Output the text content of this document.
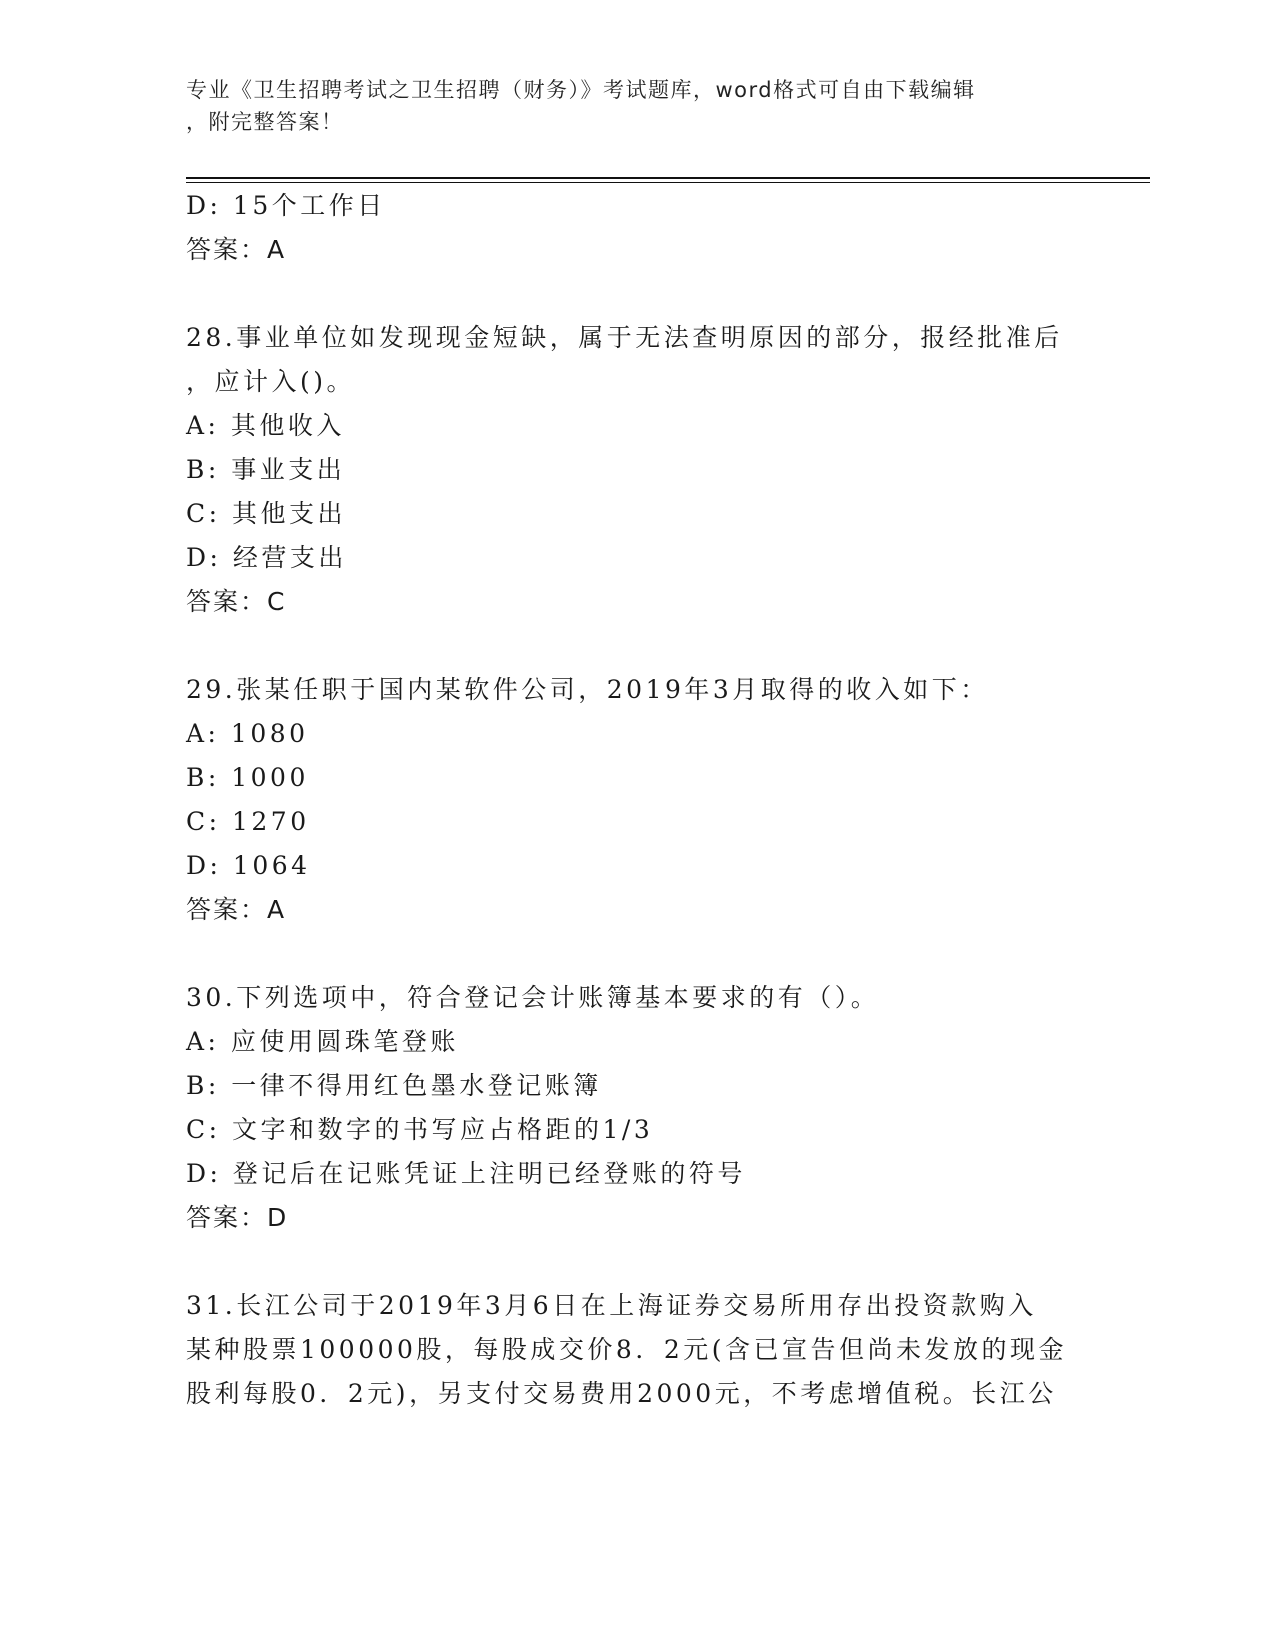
专业《卫生招聘考试之卫生招聘（财务）》考试题库，word格式可自由下载编辑
，附完整答案！
D: 15个工作日
答案：A
28.事业单位如发现现金短缺，属于无法查明原因的部分，报经批准后
，应计入()。
A: 其他收入
B: 事业支出
C: 其他支出
D: 经营支出
答案：C
29.张某任职于国内某软件公司，2019年3月取得的收入如下：
A: 1080
B: 1000
C: 1270
D: 1064
答案：A
30.下列选项中，符合登记会计账簿基本要求的有（）。
A: 应使用圆珠笔登账
B: 一律不得用红色墨水登记账簿
C: 文字和数字的书写应占格距的1/3
D: 登记后在记账凭证上注明已经登账的符号
答案：D
31.长江公司于2019年3月6日在上海证券交易所用存出投资款购入
某种股票100000股，每股成交价8．2元(含已宣告但尚未发放的现金
股利每股0．2元)，另支付交易费用2000元，不考虑增值税。长江公
